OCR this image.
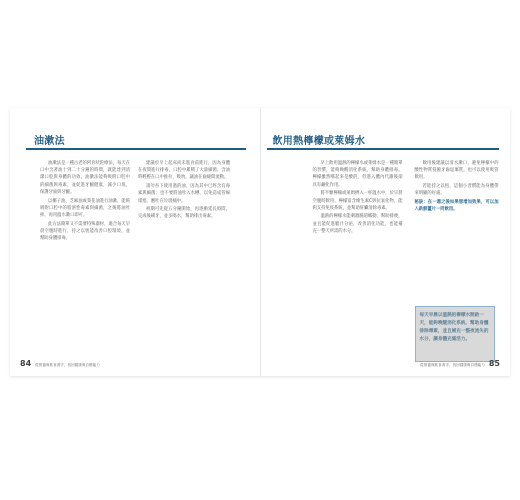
油漱法

油漱法是一種古老的阿育吠陀療法，每天在口中含著油十到二十分鐘的時間，就能達到清潔口腔與身體的功效。油漱法能夠吸附口腔中的細菌與毒素，並促進牙齦健康，減少口臭，保護牙齒與牙齦。

以椰子油、芝麻油或葵花油進行油漱，能夠吸附口腔中的脂溶性毒素與細菌，之後將油吐掉，再用溫水漱口即可。

此方法簡單又不需要特殊器材，適合每天早晨空腹時進行，持之以恆能改善口腔環境，並幫助身體排毒。

建議於早上起床尚未進食前進行，因為身體在夜間進行排毒，口腔中累積了大量細菌。含油時輕輕在口中推拉、吸吮，讓油在齒縫間流動。

請勿吞下使用過的油，因為其中已經含有毒素與細菌；也不要將油吐入水槽，以免造成管線堵塞，應吐在垃圾桶中。

初期可先從五分鐘開始，再逐漸延長時間。完成後刷牙，並多喝水，幫助排出毒素。

84 從營養與飲食著手，找回健康與自癒能力
飲用熱檸檬或萊姆水

早上飲用溫熱的檸檬水或萊姆水是一種簡單的習慣，能夠喚醒消化系統，幫助身體排毒。檸檬雖然嚐起來是酸的，但進入體內代謝後卻具有鹼化作用。

將半顆檸檬或萊姆擠入一杯溫水中，於早晨空腹時飲用。檸檬富含維生素C與抗氧化物，能夠支持免疫系統，並幫助肝臟清除毒素。

溫熱的檸檬水能刺激腸道蠕動，幫助排便，並且能促進膽汁分泌，改善消化功能，也能補充一整天所需的水分。

飲用後建議以清水漱口，避免檸檬中的酸性物質侵蝕牙齒琺瑯質，也可以使用吸管飲用。

若能持之以恆，這個小習慣能為身體帶來明顯的好處。

秘訣：在一週之後如果想增加效果，可以加入新鮮薑片一同飲用。

每天早晨以溫熱的檸檬水開啟一天，能夠喚醒消化系統、幫助身體排除毒素，並且補充一整夜流失的水分，讓身體充滿活力。
從營養與飲食著手，找回健康與自癒能力 85
